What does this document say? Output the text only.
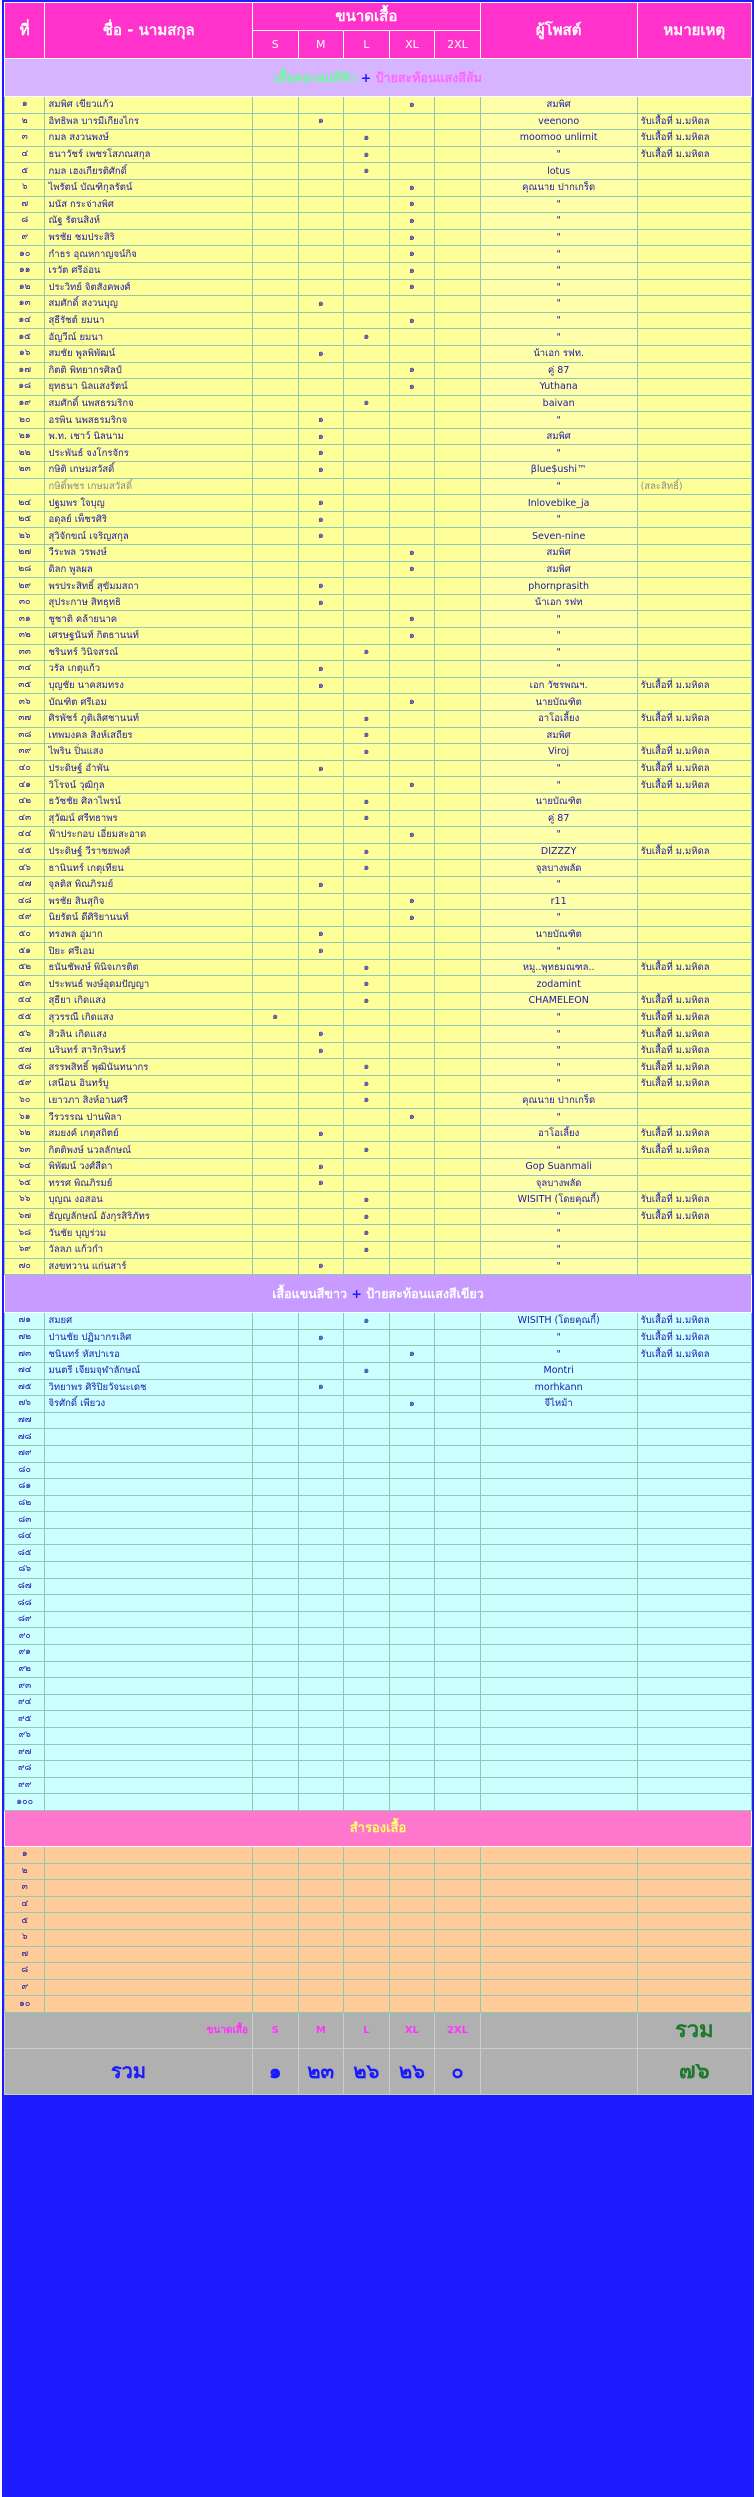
ที่	ชื่อ - นามสกุล	ขนาดเสื้อ					ผู้โพสต์	หมายเหตุ
		S	M	L	XL	2XL		
เสื้อคอกลมสีฟ้า + ป้ายสะท้อนแสงสีส้ม								
๑	สมพิศ เขียวแก้ว				๑		สมพิศ	
๒	อิทธิพล บารมีเกียงไกร		๑				veenono	รับเสื้อที่ ม.มหิดล
๓	กมล สงวนพงษ์			๑			moomoo unlimit	รับเสื้อที่ ม.มหิดล
๔	ธนาวัชร์ เพชรโสภณสกุล			๑			"	รับเสื้อที่ ม.มหิดล
๕	กมล เฮงเกียรติศักดิ์			๑			lotus	
๖	ไพรัตน์ บัณฑิกุลรัตน์				๑		คุณนาย ปากเกร็ด	
๗	มนัส กระจ่างพิศ				๑		"	
๘	ณัฐ รัตนสิงห์				๑		"	
๙	พรชัย ชมประสิริ				๑		"	
๑๐	กำธร อุณหกาญจน์กิจ				๑		"	
๑๑	เรวัต ศรีอ่อน				๑		"	
๑๒	ประวิทย์ จิตสังคพงศ์				๑		"	
๑๓	สมศักดิ์ สงวนบุญ		๑				"	
๑๔	สุธีรัชต์ ยมนา				๑		"	
๑๕	อัญวีณ์ ยมนา			๑			"	
๑๖	สมชัย พูลพิพัฒน์		๑				น้าเอก รฟท.	
๑๗	กิตติ พิทยากรศิลป์				๑		คู่ 87	
๑๘	ยุทธนา นิลแสงรัตน์				๑		Yuthana	
๑๙	สมศักดิ์ นพสธรมริกจ			๑			baivan	
๒๐	อรพิน นพสธรมริกจ		๑				"	
๒๑	พ.ท. เชาว์ นิลนาม		๑				สมพิศ	
๒๒	ประพันธ์ จงโกรจักร		๑				"	
๒๓	กษิติ เกษมสวัสดิ์		๑				βlue$ushi™	
	กษิติ์พชร เกษมสวัสดิ์						"	(สละสิทธิ์)
๒๔	ปฐมพร ใจบุญ		๑				Inlovebike_ja	
๒๕	อดุลย์ เพ็ชรศิริ		๑				"	
๒๖	สุวิจักขณ์ เจริญสกุล		๑				Seven-nine	
๒๗	วีระพล วรพงษ์				๑		สมพิศ	
๒๘	ดิลก พูลผล				๑		สมพิศ	
๒๙	พรประสิทธิ์ สุขัมมสถา		๑				phornprasith	
๓๐	สุประกาษ สิทธุทธิ		๑				น้าเอก รฟท	
๓๑	ชูชาติ คล้ายนาค				๑		"	
๓๒	เศรษฐนันท์ กิตธานนท์				๑		"	
๓๓	ชรินทร์ วินิจสรณ์			๑			"	
๓๔	วรัล เกตุแก้ว		๑				"	
๓๕	บุญชัย นาคสมทรง		๑				เอก วัชรพณฯ.	รับเสื้อที่ ม.มหิดล
๓๖	บัณฑิต ศรีเอม				๑		นายบัณฑิต	
๓๗	ศิรพัชร์ ภูติเลิศชานนท์			๑			อาโอเลี้ยง	รับเสื้อที่ ม.มหิดล
๓๘	เทพมงคล สิงห์เสถียร			๑			สมพิศ	
๓๙	ไพริน ปิ่นแสง			๑			Viroj	รับเสื้อที่ ม.มหิดล
๔๐	ประดิษฐ์ อำพัน		๑				"	รับเสื้อที่ ม.มหิดล
๔๑	วิโรจน์ วุฒิกุล				๑		"	รับเสื้อที่ ม.มหิดล
๔๒	ธวัชชัย ศิลาไพรน์			๑			นายบัณฑิต	
๔๓	สุวัฒน์ ศรีทธาพร			๑			คู่ 87	
๔๔	ฟ้าประกอบ เอี่ยมสะอาด				๑		"	
๔๕	ประดิษฐ์ วีราชยพงศ์			๑			DIZZZY	รับเสื้อที่ ม.มหิดล
๔๖	ธานินทร์ เกตุเทียน			๑			จุลบางพลัด	
๔๗	จุลติส พิณภิรมย์		๑				"	
๔๘	พรชัย สินสุกิจ				๑		r11	
๔๙	นิยรัตน์ ดีศิริยานนท์				๑		"	
๕๐	ทรงพล อู่มาก		๑				นายบัณฑิต	
๕๑	ปิยะ ศรีเอม		๑				"	
๕๒	ธนันชัพงษ์ พินิจเกรติต			๑			หมู..พุทธมณฑล..	รับเสื้อที่ ม.มหิดล
๕๓	ประพนธ์ พงษ์อุดมปัญญา			๑			zodamint	
๕๔	สุธียา เกิดแสง			๑			CHAMELEON	รับเสื้อที่ ม.มหิดล
๕๕	สุวรรณี เกิดแสง	๑					"	รับเสื้อที่ ม.มหิดล
๕๖	สิวลิน เกิดแสง		๑				"	รับเสื้อที่ ม.มหิดล
๕๗	นรินทร์ สาริกรินทร์		๑				"	รับเสื้อที่ ม.มหิดล
๕๘	สรรพสิทธิ์ พุฒินันทนากร			๑			"	รับเสื้อที่ ม.มหิดล
๕๙	เสนีอน อินทร์บู			๑			"	รับเสื้อที่ ม.มหิดล
๖๐	เยาวภา สิงห์อานศรี			๑			คุณนาย ปากเกร็ด	
๖๑	วีรวรรณ ปานพิลา				๑		"	
๖๒	สมยงค์ เกตุสถิตย์		๑				อาโอเลี้ยง	รับเสื้อที่ ม.มหิดล
๖๓	กิตติพงษ์ นวลลักษณ์			๑			"	รับเสื้อที่ ม.มหิดล
๖๔	พิพัฒน์ วงศ์สีดา		๑				Gop Suanmali	
๖๕	ทรรศ พิณภิรมย์		๑				จุลบางพลัด	
๖๖	บุญณ งอสอน			๑			WISITH (โดยคุณกี้)	รับเสื้อที่ ม.มหิดล
๖๗	ธัญญลักษณ์ อังกุรสิริภัทร			๑			"	รับเสื้อที่ ม.มหิดล
๖๘	วันชัย บุญร่วม			๑			"	
๖๙	วัลลภ แก้วกำ			๑			"	
๗๐	สงขทวาน แก่นสาร์		๑				"	
เสื้อแขนสีขาว + ป้ายสะท้อนแสงสีเขียว								
๗๑	สมยศ			๑			WISITH (โดยคุณกี้)	รับเสื้อที่ ม.มหิดล
๗๒	ปานชัย ปฏิมากรเลิศ		๑				"	รับเสื้อที่ ม.มหิดล
๗๓	ชนินทร์ หัสปาเรอ				๑		"	รับเสื้อที่ ม.มหิดล
๗๔	มนตรี เจียมจุฬาลักษณ์			๑			Montri	
๗๕	วิทยาพร ศิริปิยวัจนะเดช		๑				morhkann	
๗๖	จิรศักดิ์ เพียวง				๑		จีไหม้า	
๗๗								
๗๘								
๗๙								
๘๐								
๘๑								
๘๒								
๘๓								
๘๔								
๘๕								
๘๖								
๘๗								
๘๘								
๘๙								
๙๐								
๙๑								
๙๒								
๙๓								
๙๔								
๙๕								
๙๖								
๙๗								
๙๘								
๙๙								
๑๐๐								
สำรองเสื้อ								
๑								
๒								
๓								
๔								
๕								
๖								
๗								
๘								
๙								
๑๐								
ขนาดเสื้อ		S	M	L	XL	2XL		รวม
รวม		๑	๒๓	๒๖	๒๖	๐		๗๖
